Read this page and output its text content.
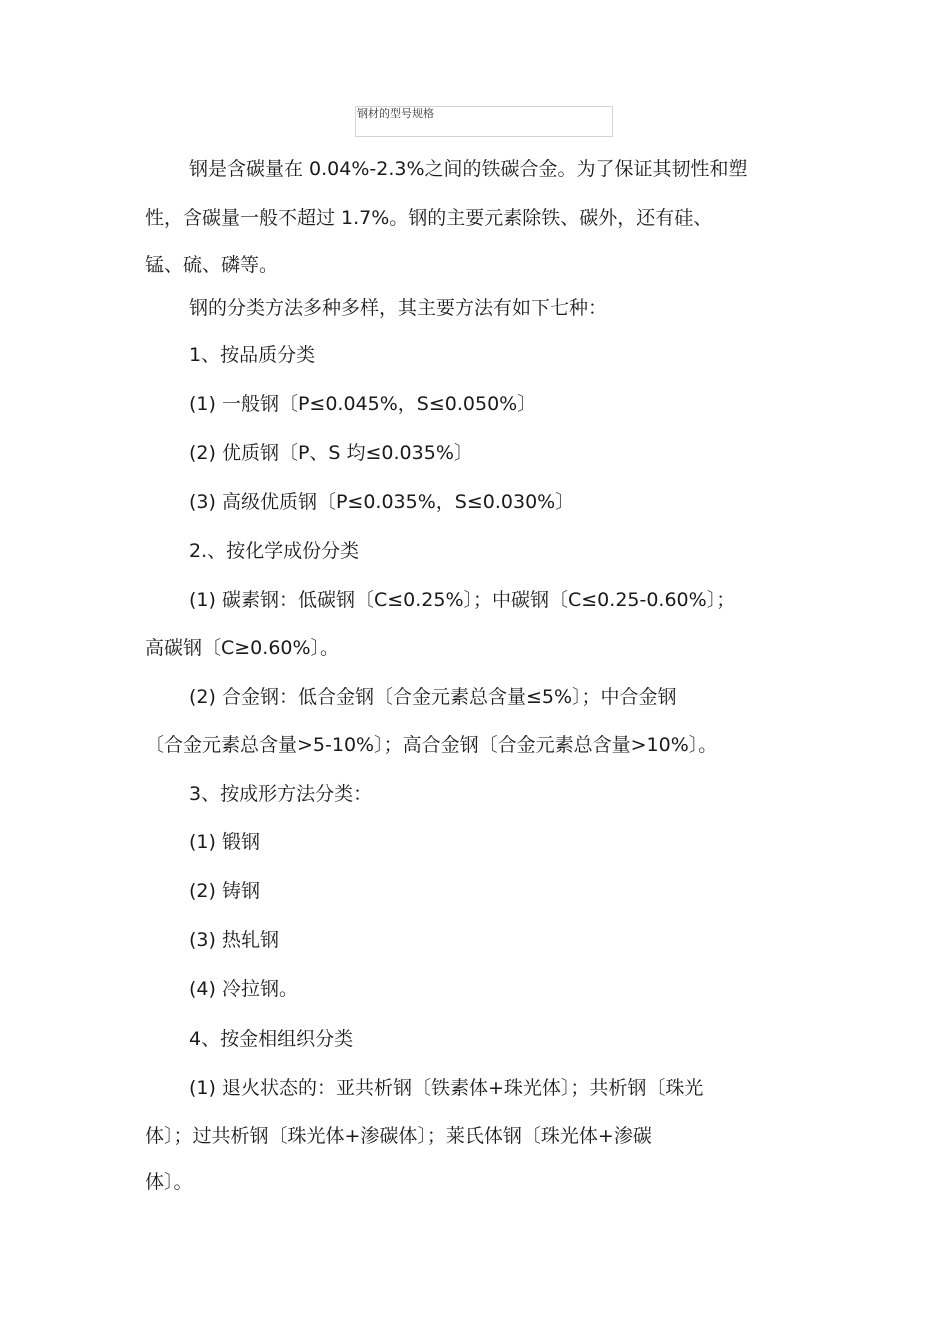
钢材的型号规格
钢是含碳量在 0.04%-2.3%之间的铁碳合金。为了保证其韧性和塑
性，含碳量一般不超过 1.7%。钢的主要元素除铁、碳外，还有硅、
锰、硫、磷等。
钢的分类方法多种多样，其主要方法有如下七种：
1、按品质分类
(1) 一般钢〔P≤0.045%，S≤0.050%〕
(2) 优质钢〔P、S 均≤0.035%〕
(3) 高级优质钢〔P≤0.035%，S≤0.030%〕
2.、按化学成份分类
(1) 碳素钢：低碳钢〔C≤0.25%〕；中碳钢〔C≤0.25-0.60%〕；
高碳钢〔C≥0.60%〕。
(2) 合金钢：低合金钢〔合金元素总含量≤5%〕；中合金钢
〔合金元素总含量>5-10%〕；高合金钢〔合金元素总含量>10%〕。
3、按成形方法分类：
(1) 锻钢
(2) 铸钢
(3) 热轧钢
(4) 冷拉钢。
4、按金相组织分类
(1) 退火状态的：亚共析钢〔铁素体+珠光体〕；共析钢〔珠光
体〕；过共析钢〔珠光体+渗碳体〕；莱氏体钢〔珠光体+渗碳
体〕。
